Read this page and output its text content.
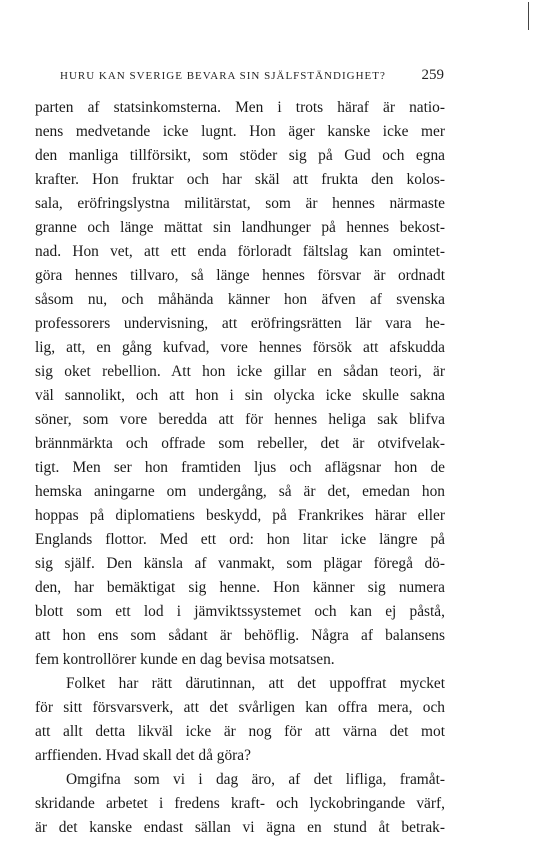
HURU KAN SVERIGE BEVARA SIN SJÄLFSTÄNDIGHET?	259
parten af statsinkomsterna. Men i trots häraf är natio-
nens medvetande icke lugnt. Hon äger kanske icke mer
den manliga tillförsikt, som stöder sig på Gud och egna
krafter. Hon fruktar och har skäl att frukta den kolos-
sala, eröfringslystna militärstat, som är hennes närmaste
granne och länge mättat sin landhunger på hennes bekost-
nad. Hon vet, att ett enda förloradt fältslag kan omintet-
göra hennes tillvaro, så länge hennes försvar är ordnadt
såsom nu, och måhända känner hon äfven af svenska
professorers undervisning, att eröfringsrätten lär vara he-
lig, att, en gång kufvad, vore hennes försök att afskudda
sig oket rebellion. Att hon icke gillar en sådan teori, är
väl sannolikt, och att hon i sin olycka icke skulle sakna
söner, som vore beredda att för hennes heliga sak blifva
brännmärkta och offrade som rebeller, det är otvifvelak-
tigt. Men ser hon framtiden ljus och aflägsnar hon de
hemska aningarne om undergång, så är det, emedan hon
hoppas på diplomatiens beskydd, på Frankrikes härar eller
Englands flottor. Med ett ord: hon litar icke längre på
sig själf. Den känsla af vanmakt, som plägar föregå dö-
den, har bemäktigat sig henne. Hon känner sig numera
blott som ett lod i jämviktssystemet och kan ej påstå,
att hon ens som sådant är behöflig. Några af balansens
fem kontrollörer kunde en dag bevisa motsatsen.
Folket har rätt därutinnan, att det uppoffrat mycket
för sitt försvarsverk, att det svårligen kan offra mera, och
att allt detta likväl icke är nog för att värna det mot
arffienden. Hvad skall det då göra?
Omgifna som vi i dag äro, af det lifliga, framåt-
skridande arbetet i fredens kraft- och lyckobringande värf,
är det kanske endast sällan vi ägna en stund åt betrak-
